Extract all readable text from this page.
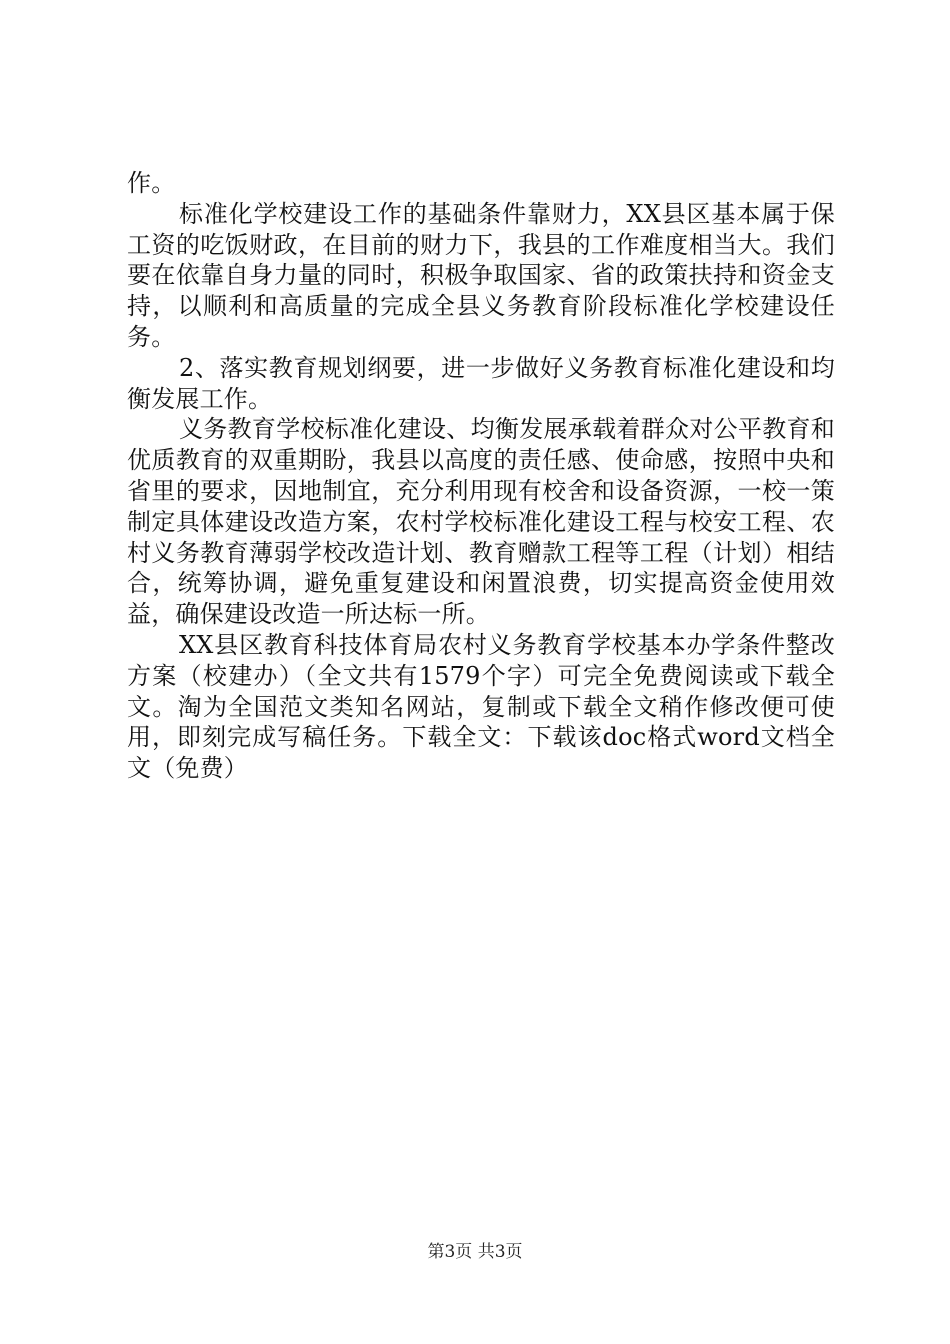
作。

标准化学校建设工作的基础条件靠财力，XX县区基本属于保工资的吃饭财政，在目前的财力下，我县的工作难度相当大。我们要在依靠自身力量的同时，积极争取国家、省的政策扶持和资金支持，以顺利和高质量的完成全县义务教育阶段标准化学校建设任务。

2、落实教育规划纲要，进一步做好义务教育标准化建设和均衡发展工作。

义务教育学校标准化建设、均衡发展承载着群众对公平教育和优质教育的双重期盼，我县以高度的责任感、使命感，按照中央和省里的要求，因地制宜，充分利用现有校舍和设备资源，一校一策制定具体建设改造方案，农村学校标准化建设工程与校安工程、农村义务教育薄弱学校改造计划、教育赠款工程等工程（计划）相结合，统筹协调，避免重复建设和闲置浪费，切实提高资金使用效益，确保建设改造一所达标一所。

XX县区教育科技体育局农村义务教育学校基本办学条件整改方案（校建办）（全文共有1579个字）可完全免费阅读或下载全文。淘为全国范文类知名网站，复制或下载全文稍作修改便可使用，即刻完成写稿任务。下载全文：下载该doc格式word文档全文（免费）

第3页 共3页
